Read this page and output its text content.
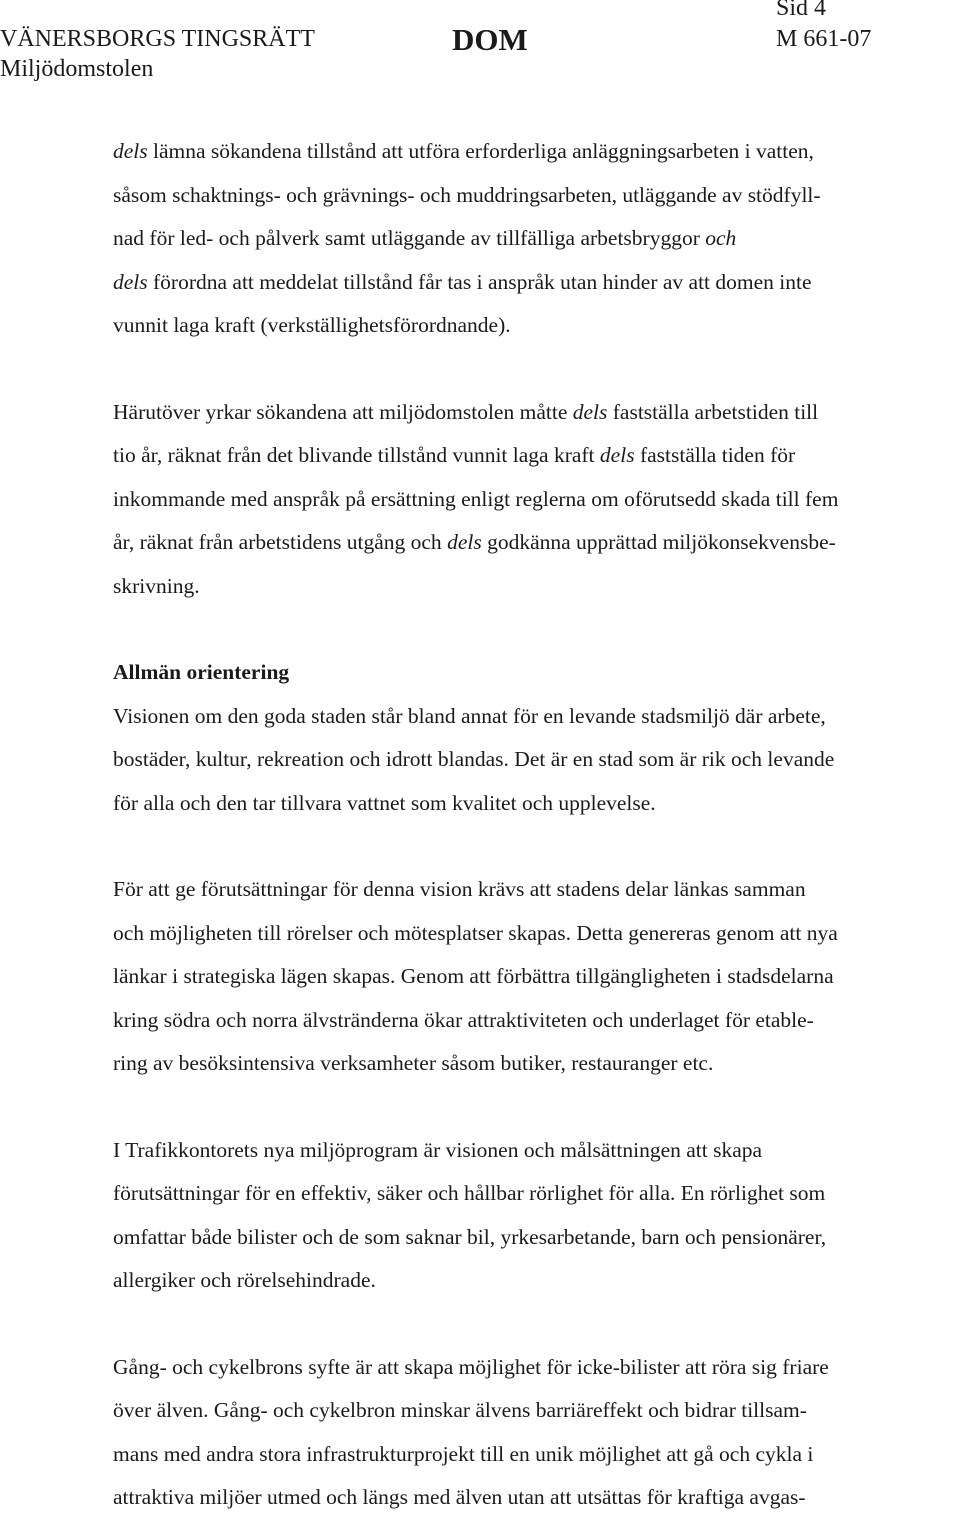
VÄNERSBORGS TINGSRÄTT
Miljödomstolen
DOM
Sid 4
M 661-07

dels lämna sökandena tillstånd att utföra erforderliga anläggningsarbeten i vatten,
såsom schaktnings- och grävnings- och muddringsarbeten, utläggande av stödfyll-
nad för led- och pålverk samt utläggande av tillfälliga arbetsbryggor och
dels förordna att meddelat tillstånd får tas i anspråk utan hinder av att domen inte
vunnit laga kraft (verkställighetsförordnande).

Härutöver yrkar sökandena att miljödomstolen måtte dels fastställa arbetstiden till
tio år, räknat från det blivande tillstånd vunnit laga kraft dels fastställa tiden för
inkommande med anspråk på ersättning enligt reglerna om oförutsedd skada till fem
år, räknat från arbetstidens utgång och dels godkänna upprättad miljökonsekvensbe-
skrivning.

Allmän orientering
Visionen om den goda staden står bland annat för en levande stadsmiljö där arbete,
bostäder, kultur, rekreation och idrott blandas. Det är en stad som är rik och levande
för alla och den tar tillvara vattnet som kvalitet och upplevelse.

För att ge förutsättningar för denna vision krävs att stadens delar länkas samman
och möjligheten till rörelser och mötesplatser skapas. Detta genereras genom att nya
länkar i strategiska lägen skapas. Genom att förbättra tillgängligheten i stadsdelarna
kring södra och norra älvstränderna ökar attraktiviteten och underlaget för etable-
ring av besöksintensiva verksamheter såsom butiker, restauranger etc.

I Trafikkontorets nya miljöprogram är visionen och målsättningen att skapa
förutsättningar för en effektiv, säker och hållbar rörlighet för alla. En rörlighet som
omfattar både bilister och de som saknar bil, yrkesarbetande, barn och pensionärer,
allergiker och rörelsehindrade.

Gång- och cykelbrons syfte är att skapa möjlighet för icke-bilister att röra sig friare
över älven. Gång- och cykelbron minskar älvens barriäreffekt och bidrar tillsam-
mans med andra stora infrastrukturprojekt till en unik möjlighet att gå och cykla i
attraktiva miljöer utmed och längs med älven utan att utsättas för kraftiga avgas-
